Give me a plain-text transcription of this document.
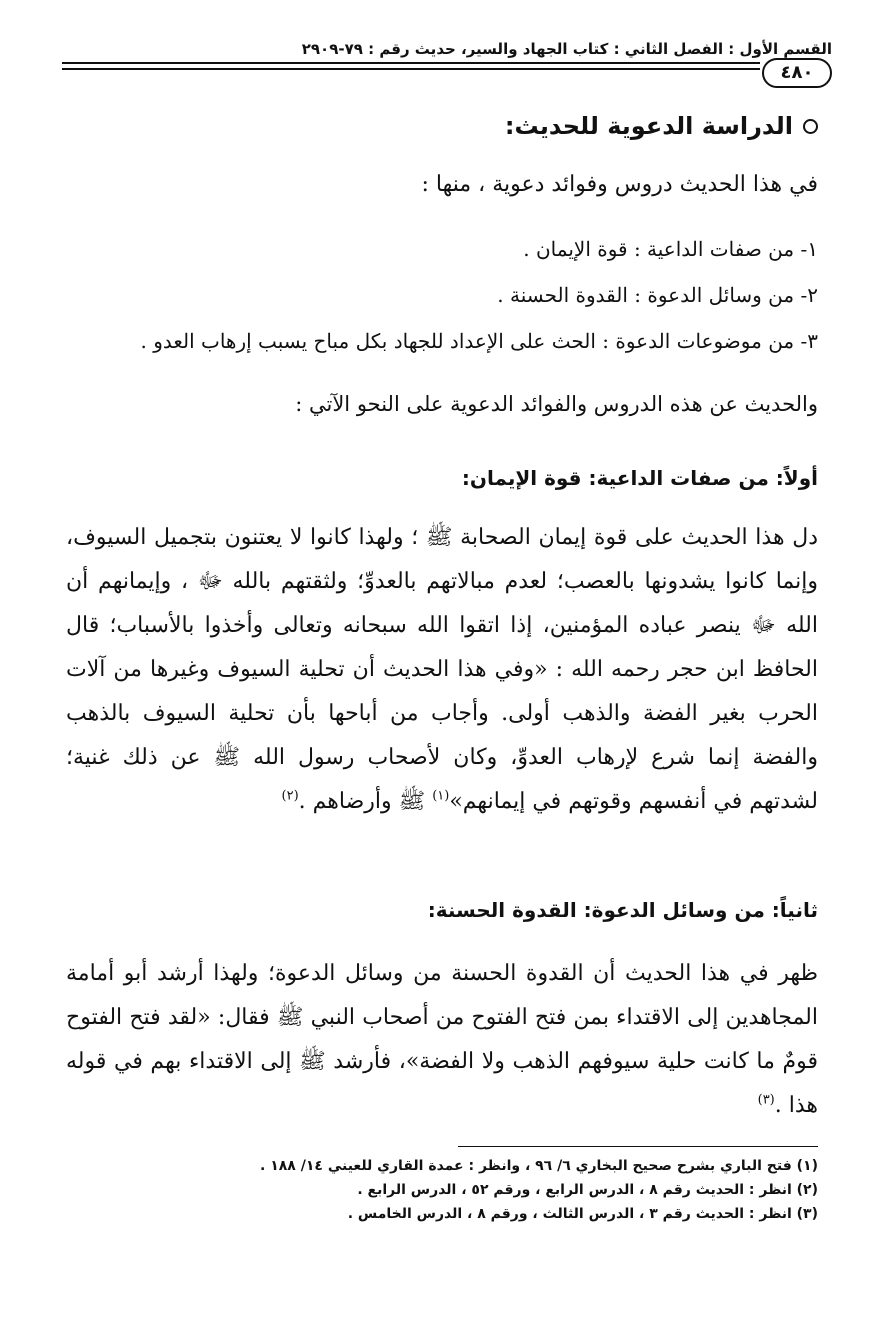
القسم الأول : الفصل الثاني : كتاب الجهاد والسير، حديث رقم : ٧٩-٢٩٠٩
٤٨٠
الدراسة الدعوية للحديث:
في هذا الحديث دروس وفوائد دعوية ، منها :
١- من صفات الداعية : قوة الإيمان .
٢- من وسائل الدعوة : القدوة الحسنة .
٣- من موضوعات الدعوة : الحث على الإعداد للجهاد بكل مباح يسبب إرهاب العدو .
والحديث عن هذه الدروس والفوائد الدعوية على النحو الآتي :
أولاً: من صفات الداعية: قوة الإيمان:
دل هذا الحديث على قوة إيمان الصحابة ﷺ ؛ ولهذا كانوا لا يعتنون بتجميل السيوف، وإنما كانوا يشدونها بالعصب؛ لعدم مبالاتهم بالعدوِّ؛ ولثقتهم بالله ﷻ ، وإيمانهم أن الله ﷻ ينصر عباده المؤمنين، إذا اتقوا الله سبحانه وتعالى وأخذوا بالأسباب؛ قال الحافظ ابن حجر رحمه الله : «وفي هذا الحديث أن تحلية السيوف وغيرها من آلات الحرب بغير الفضة والذهب أولى. وأجاب من أباحها بأن تحلية السيوف بالذهب والفضة إنما شرع لإرهاب العدوِّ، وكان لأصحاب رسول الله ﷺ عن ذلك غنية؛ لشدتهم في أنفسهم وقوتهم في إيمانهم»$^{(١)}$ ﷺ وأرضاهم .$^{(٢)}$
ثانياً: من وسائل الدعوة: القدوة الحسنة:
ظهر في هذا الحديث أن القدوة الحسنة من وسائل الدعوة؛ ولهذا أرشد أبو أمامة المجاهدين إلى الاقتداء بمن فتح الفتوح من أصحاب النبي ﷺ فقال: «لقد فتح الفتوح قومٌ ما كانت حلية سيوفهم الذهب ولا الفضة»، فأرشد ﷺ إلى الاقتداء بهم في قوله هذا .$^{(٣)}$
(١) فتح الباري بشرح صحيح البخاري ٦/ ٩٦ ، وانظر : عمدة القاري للعيني ١٤/ ١٨٨ .
(٢) انظر : الحديث رقم ٨ ، الدرس الرابع ، ورقم ٥٢ ، الدرس الرابع .
(٣) انظر : الحديث رقم ٣ ، الدرس الثالث ، ورقم ٨ ، الدرس الخامس .
